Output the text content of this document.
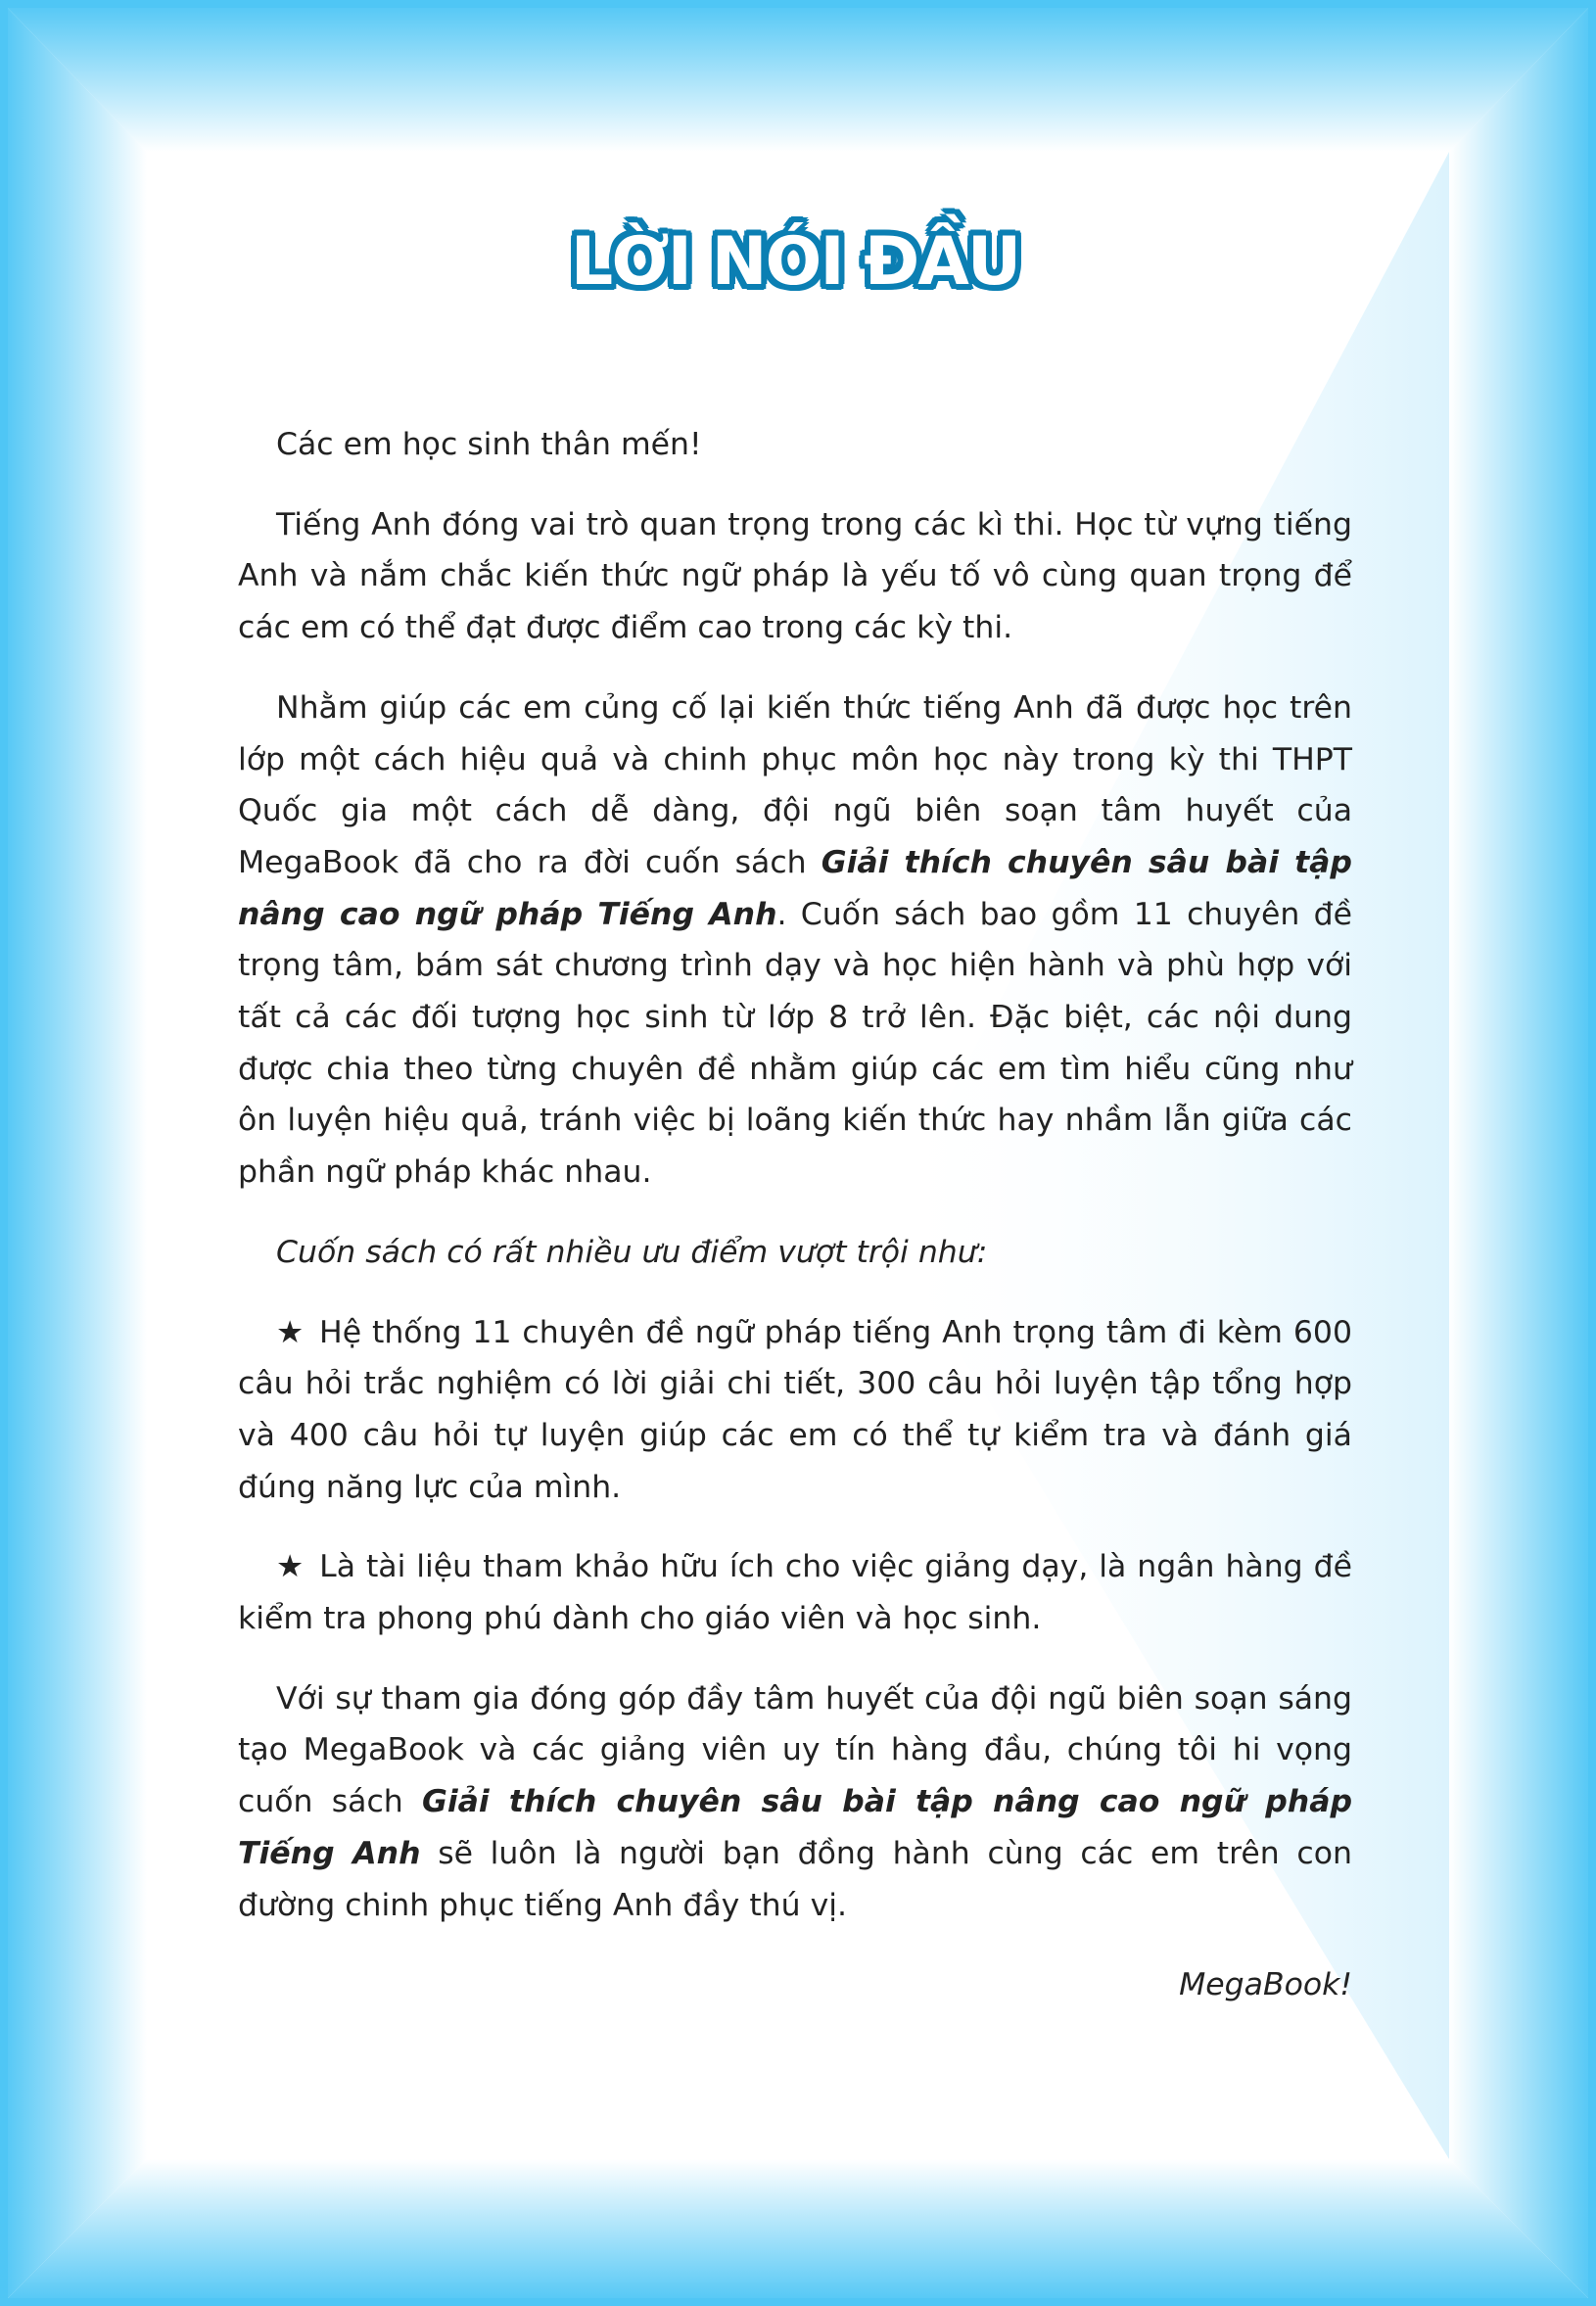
LỜI NÓI ĐẦU

Các em học sinh thân mến!

Tiếng Anh đóng vai trò quan trọng trong các kì thi. Học từ vựng tiếng Anh và nắm chắc kiến thức ngữ pháp là yếu tố vô cùng quan trọng để các em có thể đạt được điểm cao trong các kỳ thi.

Nhằm giúp các em củng cố lại kiến thức tiếng Anh đã được học trên lớp một cách hiệu quả và chinh phục môn học này trong kỳ thi THPT Quốc gia một cách dễ dàng, đội ngũ biên soạn tâm huyết của MegaBook đã cho ra đời cuốn sách Giải thích chuyên sâu bài tập nâng cao ngữ pháp Tiếng Anh. Cuốn sách bao gồm 11 chuyên đề trọng tâm, bám sát chương trình dạy và học hiện hành và phù hợp với tất cả các đối tượng học sinh từ lớp 8 trở lên. Đặc biệt, các nội dung được chia theo từng chuyên đề nhằm giúp các em tìm hiểu cũng như ôn luyện hiệu quả, tránh việc bị loãng kiến thức hay nhầm lẫn giữa các phần ngữ pháp khác nhau.

Cuốn sách có rất nhiều ưu điểm vượt trội như:

★ Hệ thống 11 chuyên đề ngữ pháp tiếng Anh trọng tâm đi kèm 600 câu hỏi trắc nghiệm có lời giải chi tiết, 300 câu hỏi luyện tập tổng hợp và 400 câu hỏi tự luyện giúp các em có thể tự kiểm tra và đánh giá đúng năng lực của mình.

★ Là tài liệu tham khảo hữu ích cho việc giảng dạy, là ngân hàng đề kiểm tra phong phú dành cho giáo viên và học sinh.

Với sự tham gia đóng góp đầy tâm huyết của đội ngũ biên soạn sáng tạo MegaBook và các giảng viên uy tín hàng đầu, chúng tôi hi vọng cuốn sách Giải thích chuyên sâu bài tập nâng cao ngữ pháp Tiếng Anh sẽ luôn là người bạn đồng hành cùng các em trên con đường chinh phục tiếng Anh đầy thú vị.

MegaBook!
